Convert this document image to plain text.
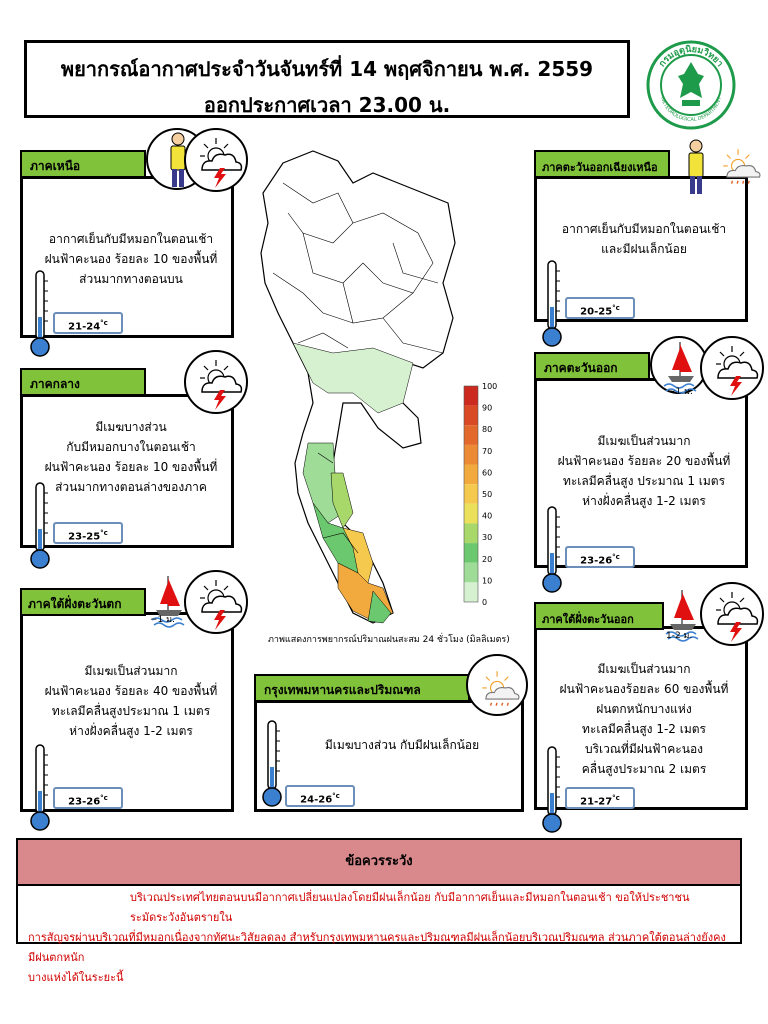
พยากรณ์อากาศประจำวันจันทร์ที่ 14 พฤศจิกายน พ.ศ. 2559
ออกประกาศเวลา 23.00 น.
กรมอุตุนิยมวิทยา
METEOROLOGICAL DEPARTMENT
อากาศเย็นกับมีหมอกในตอนเช้า
ฝนฟ้าคะนอง ร้อยละ 10 ของพื้นที่
ส่วนมากทางตอนบน
$21-24^{^\circ c}$
ภาคเหนือ
มีเมฆบางส่วน
กับมีหมอกบางในตอนเช้า
ฝนฟ้าคะนอง ร้อยละ 10 ของพื้นที่
ส่วนมากทางตอนล่างของภาค
$23-25^{^\circ c}$
ภาคกลาง
มีเมฆเป็นส่วนมาก
ฝนฟ้าคะนอง ร้อยละ 40 ของพื้นที่
ทะเลมีคลื่นสูงประมาณ 1 เมตร
ห่างฝั่งคลื่นสูง 1-2 เมตร
$23-26^{^\circ c}$
ภาคใต้ฝั่งตะวันตก
~1 ม.
อากาศเย็นกับมีหมอกในตอนเช้า
และมีฝนเล็กน้อย
$20-25^{^\circ c}$
ภาคตะวันออกเฉียงเหนือ
มีเมฆเป็นส่วนมาก
ฝนฟ้าคะนอง ร้อยละ 20 ของพื้นที่
ทะเลมีคลื่นสูง ประมาณ 1 เมตร
ห่างฝั่งคลื่นสูง 1-2 เมตร
$23-26^{^\circ c}$
ภาคตะวันออก
~1 ม.
มีเมฆเป็นส่วนมาก
ฝนฟ้าคะนองร้อยละ 60 ของพื้นที่
ฝนตกหนักบางแห่ง
ทะเลมีคลื่นสูง 1-2 เมตร
บริเวณที่มีฝนฟ้าคะนอง
คลื่นสูงประมาณ 2 เมตร
$21-27^{^\circ c}$
ภาคใต้ฝั่งตะวันออก
1-2 ม.
มีเมฆบางส่วน กับมีฝนเล็กน้อย
$24-26^{^\circ c}$
กรุงเทพมหานครและปริมณฑล
100
90
80
70
60
50
40
30
20
10
0
ภาพแสดงการพยากรณ์ปริมาณฝนสะสม 24 ชั่วโมง (มิลลิเมตร)
ข้อควรระวัง
บริเวณประเทศไทยตอนบนมีอากาศเปลี่ยนแปลงโดยมีฝนเล็กน้อย กับมีอากาศเย็นและมีหมอกในตอนเช้า ขอให้ประชาชนระมัดระวังอันตรายใน
การสัญจรผ่านบริเวณที่มีหมอกเนื่องจากทัศนะวิสัยลดลง สำหรับกรุงเทพมหานครและปริมณฑลมีฝนเล็กน้อยบริเวณปริมณฑล ส่วนภาคใต้ตอนล่างยังคงมีฝนตกหนัก
บางแห่งได้ในระยะนี้
